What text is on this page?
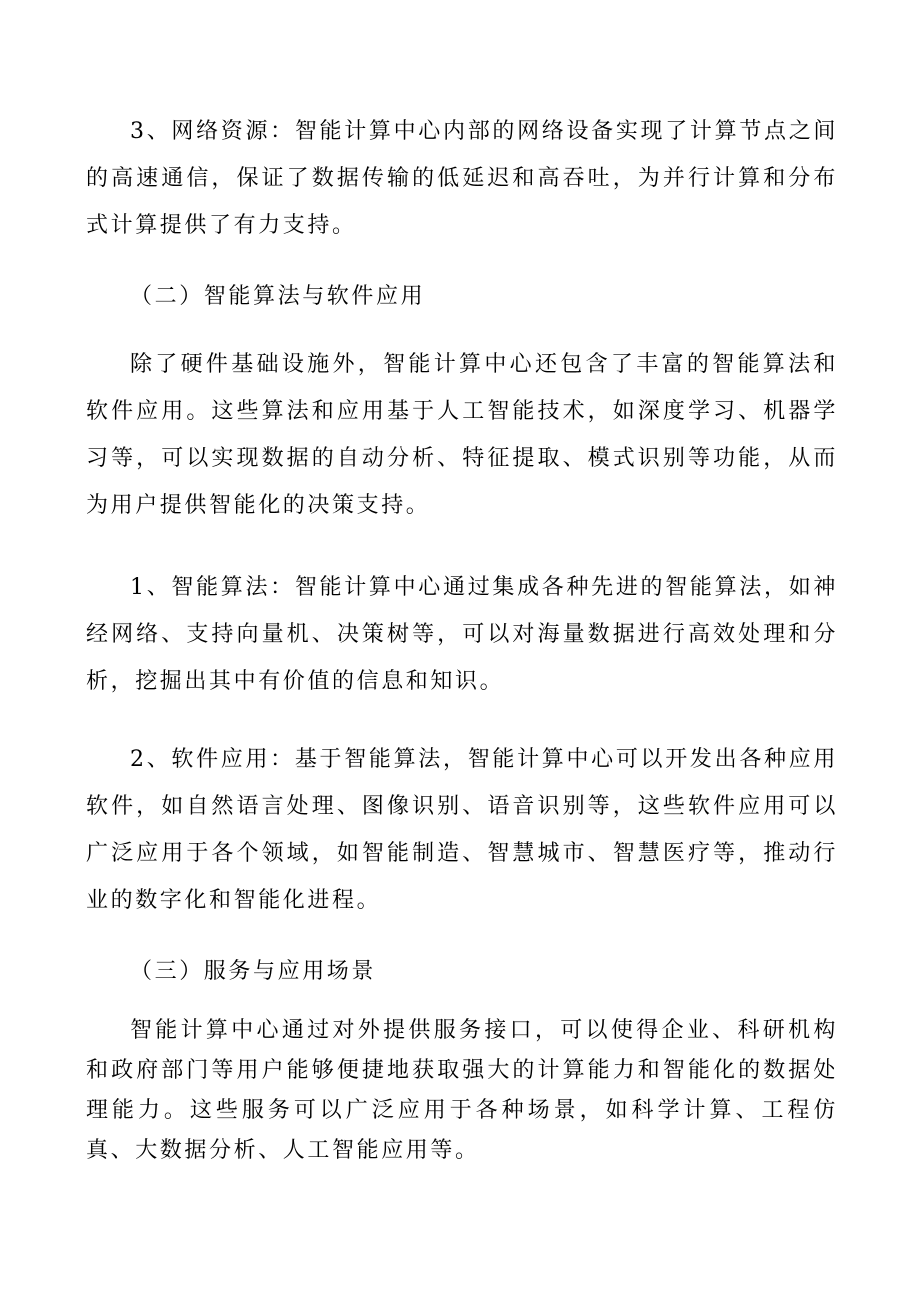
3、网络资源：智能计算中心内部的网络设备实现了计算节点之间的高速通信，保证了数据传输的低延迟和高吞吐，为并行计算和分布式计算提供了有力支持。

（二）智能算法与软件应用

除了硬件基础设施外，智能计算中心还包含了丰富的智能算法和软件应用。这些算法和应用基于人工智能技术，如深度学习、机器学习等，可以实现数据的自动分析、特征提取、模式识别等功能，从而为用户提供智能化的决策支持。

1、智能算法：智能计算中心通过集成各种先进的智能算法，如神经网络、支持向量机、决策树等，可以对海量数据进行高效处理和分析，挖掘出其中有价值的信息和知识。

2、软件应用：基于智能算法，智能计算中心可以开发出各种应用软件，如自然语言处理、图像识别、语音识别等，这些软件应用可以广泛应用于各个领域，如智能制造、智慧城市、智慧医疗等，推动行业的数字化和智能化进程。

（三）服务与应用场景

智能计算中心通过对外提供服务接口，可以使得企业、科研机构和政府部门等用户能够便捷地获取强大的计算能力和智能化的数据处理能力。这些服务可以广泛应用于各种场景，如科学计算、工程仿真、大数据分析、人工智能应用等。
